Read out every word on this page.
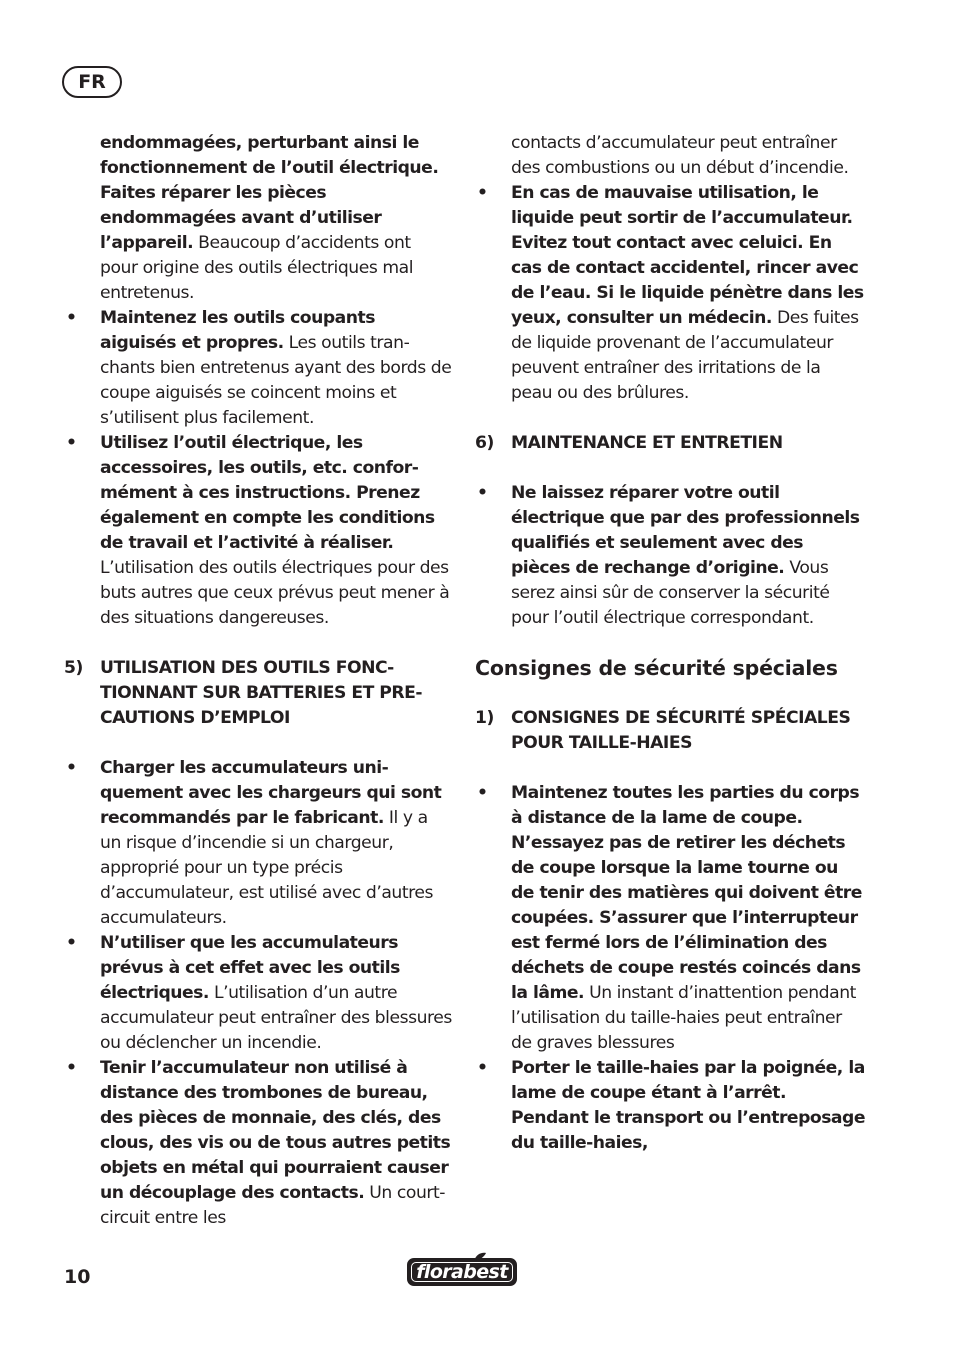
FR

endommagées, perturbant ainsi le fonctionnement de l’outil électrique. Faites réparer les pièces endommagées avant d’utiliser l’appareil. Beaucoup d’accidents ont pour origine des outils électriques mal entretenus.

•	Maintenez les outils coupants aiguisés et propres. Les outils tranchants bien entretenus ayant des bords de coupe aiguisés se coincent moins et s’utilisent plus facilement.
•	Utilisez l’outil électrique, les accessoires, les outils, etc. conformément à ces instructions. Prenez également en compte les conditions de travail et l’activité à réaliser. L’utilisation des outils électriques pour des buts autres que ceux prévus peut mener à des situations dangereuses.
5) UTILISATION DES OUTILS FONCTIONNANT SUR BATTERIES ET PRECAUTIONS D’EMPLOI
•	Charger les accumulateurs uniquement avec les chargeurs qui sont recommandés par le fabricant. Il y a un risque d’incendie si un chargeur, approprié pour un type précis d’accumulateur, est utilisé avec d’autres accumulateurs.
•	N’utiliser que les accumulateurs prévus à cet effet avec les outils électriques. L’utilisation d’un autre accumulateur peut entraîner des blessures ou déclencher un incendie.
•	Tenir l’accumulateur non utilisé à distance des trombones de bureau, des pièces de monnaie, des clés, des clous, des vis ou de tous autres petits objets en métal qui pourraient causer un découplage des contacts. Un court-circuit entre les

contacts d’accumulateur peut entraîner des combustions ou un début d’incendie.

•	En cas de mauvaise utilisation, le liquide peut sortir de l’accumulateur. Evitez tout contact avec celuici. En cas de contact accidentel, rincer avec de l’eau. Si le liquide pénètre dans les yeux, consulter un médecin. Des fuites de liquide provenant de l’accumulateur peuvent entraîner des irritations de la peau ou des brûlures.
6) MAINTENANCE ET ENTRETIEN
•	Ne laissez réparer votre outil électrique que par des professionnels qualifiés et seulement avec des pièces de rechange d’origine. Vous serez ainsi sûr de conserver la sécurité pour l’outil électrique correspondant.
Consignes de sécurité spéciales
1) CONSIGNES DE SÉCURITÉ SPÉCIALES POUR TAILLE-HAIES
•	Maintenez toutes les parties du corps à distance de la lame de coupe. N’essayez pas de retirer les déchets de coupe lorsque la lame tourne ou de tenir des matières qui doivent être coupées. S’assurer que l’interrupteur est fermé lors de l’élimination des déchets de coupe restés coincés dans la lâme. Un instant d’inattention pendant l’utilisation du taille-haies peut entraîner de graves blessures
•	Porter le taille-haies par la poignée, la lame de coupe étant à l’arrêt. Pendant le transport ou l’entreposage du taille-haies,
10	florabest
